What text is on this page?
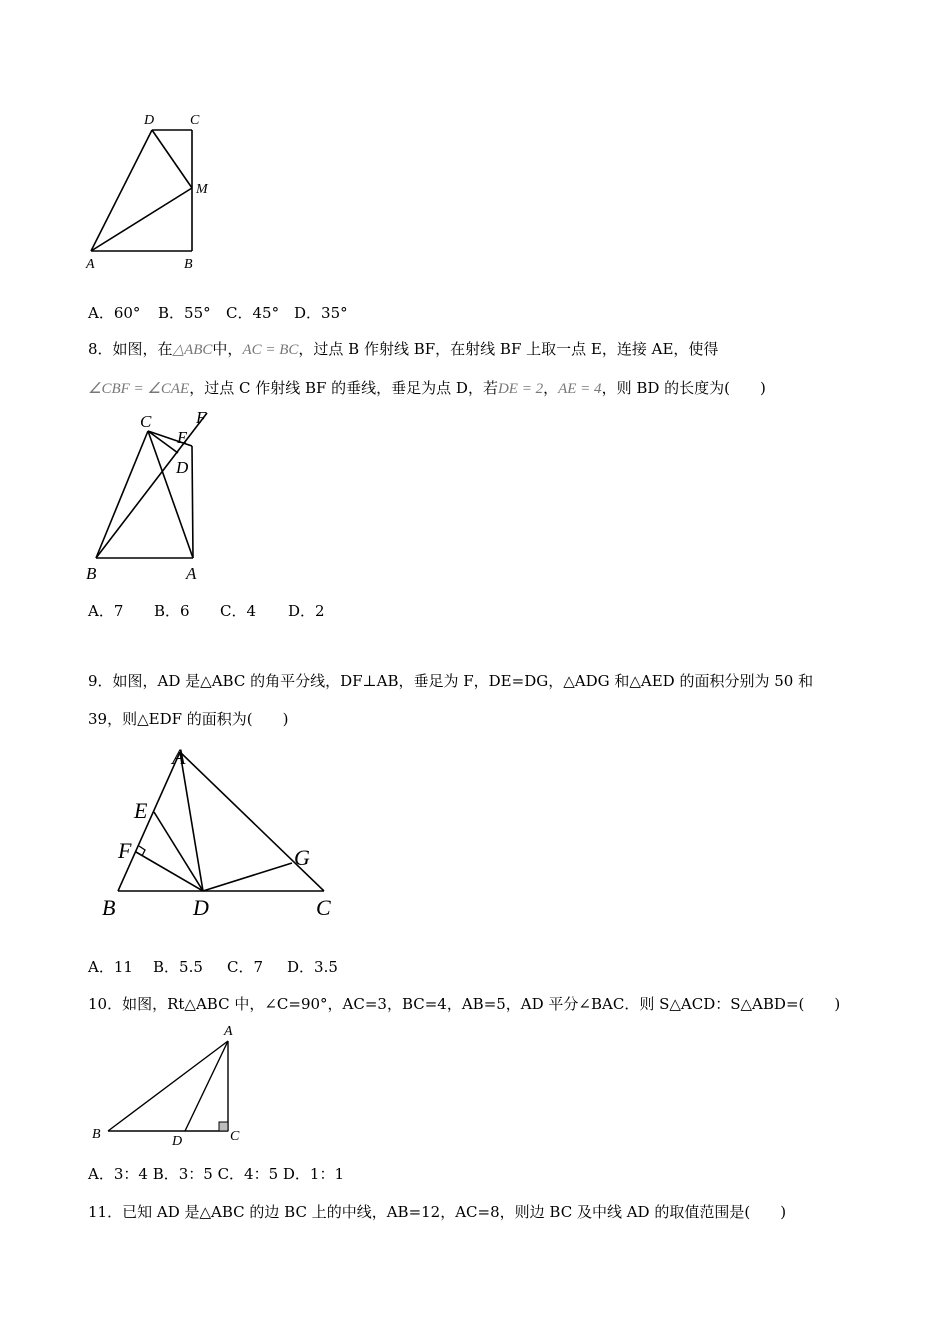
D	C
M
A	B
A．60° B．55° C．45° D．35°
8．如图，在△ABC中，AC = BC，过点 B 作射线 BF，在射线 BF 上取一点 E，连接 AE，使得
∠CBF = ∠CAE，过点 C 作射线 BF 的垂线，垂足为点 D，若DE = 2，AE = 4，则 BD 的长度为(　　)
C
E
F
D
B	A
A．7 B．6 C．4 D．2
9．如图，AD 是△ABC 的角平分线，DF⊥AB，垂足为 F，DE=DG，△ADG 和△AED 的面积分别为 50 和
39，则△EDF 的面积为(　　)
A
E
F	G
B	D	C
A．11 B．5.5 C．7 D．3.5
10．如图，Rt△ABC 中，∠C=90°，AC=3，BC=4，AB=5，AD 平分∠BAC．则 S△ACD：S△ABD=(　　)
A
B	D	C
A．3：4 B．3：5 C．4：5 D．1：1
11．已知 AD 是△ABC 的边 BC 上的中线，AB=12，AC=8，则边 BC 及中线 AD 的取值范围是(　　)
